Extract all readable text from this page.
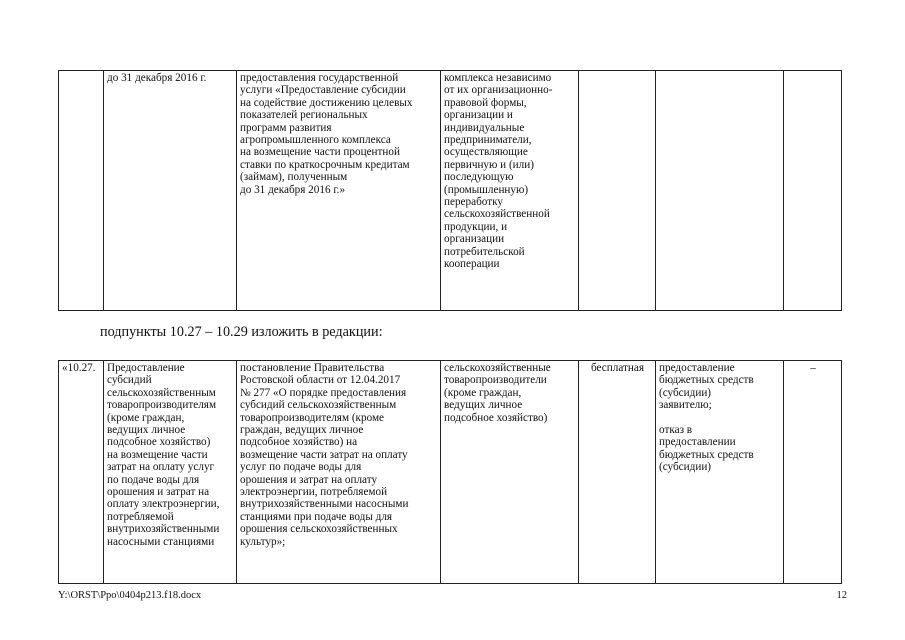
	до 31 декабря 2016 г.	предоставления государственной
услуги «Предоставление субсидии
на содействие достижению целевых
показателей региональных
программ развития
агропромышленного комплекса
на возмещение части процентной
ставки по краткосрочным кредитам
(займам), полученным
до 31 декабря 2016 г.»	комплекса независимо
от их организационно-
правовой формы,
организации и
индивидуальные
предприниматели,
осуществляющие
первичную и (или)
последующую
(промышленную)
переработку
сельскохозяйственной
продукции, и
организации
потребительской
кооперации			
подпункты 10.27 – 10.29 изложить в редакции:
«10.27.	Предоставление
субсидий
сельскохозяйственным
товаропроизводителям
(кроме граждан,
ведущих личное
подсобное хозяйство)
на возмещение части
затрат на оплату услуг
по подаче воды для
орошения и затрат на
оплату электроэнергии,
потребляемой
внутрихозяйственными
насосными станциями	постановление Правительства
Ростовской области от 12.04.2017
№ 277 «О порядке предоставления
субсидий сельскохозяйственным
товаропроизводителям (кроме
граждан, ведущих личное
подсобное хозяйство) на
возмещение части затрат на оплату
услуг по подаче воды для
орошения и затрат на оплату
электроэнергии, потребляемой
внутрихозяйственными насосными
станциями при подаче воды для
орошения сельскохозяйственных
культур»;	сельскохозяйственные
товаропроизводители
(кроме граждан,
ведущих личное
подсобное хозяйство)	бесплатная	предоставление
бюджетных средств
(субсидии)
заявителю;

отказ в
предоставлении
бюджетных средств
(субсидии)	–
Y:\ORST\Ppo\0404p213.f18.docx	12
